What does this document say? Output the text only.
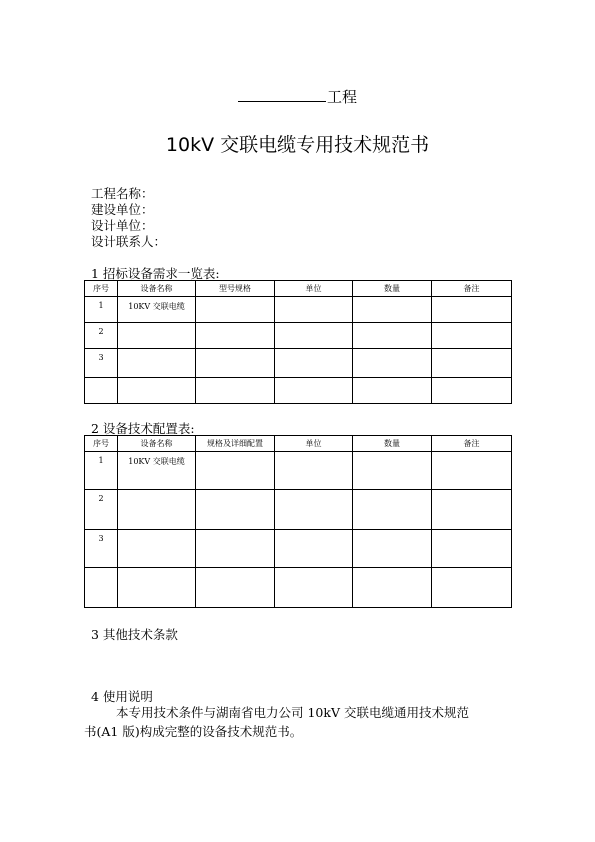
工程
10kV 交联电缆专用技术规范书
工程名称：
建设单位：
设计单位：
设计联系人：
1 招标设备需求一览表:
序号	设备名称	型号规格	单位	数量	备注
1	10KV 交联电缆				
2					
3					

2 设备技术配置表:
序号	设备名称	规格及详细配置	单位	数量	备注
1	10KV 交联电缆				
2					
3					

3 其他技术条款
4 使用说明
本专用技术条件与湖南省电力公司 10kV 交联电缆通用技术规范
书(A1 版)构成完整的设备技术规范书。
